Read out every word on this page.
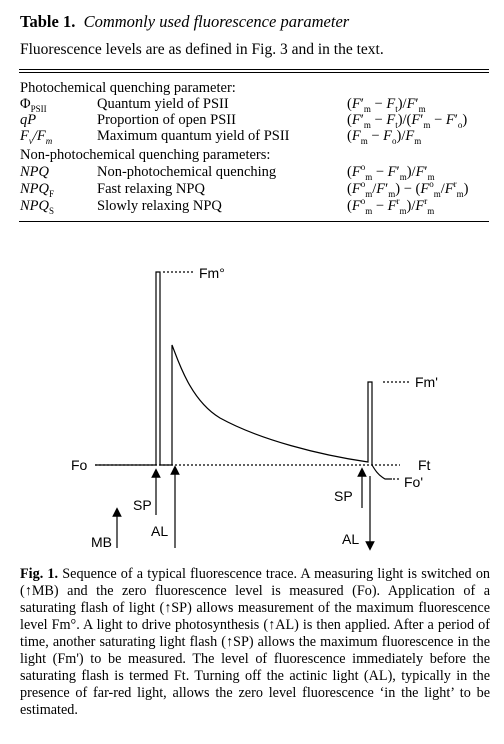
Table 1. Commonly used fluorescence parameter
Fluorescence levels are as defined in Fig. 3 and in the text.
Photochemical quenching parameter:
$\Phi_{PSII}$	Quantum yield of PSII	$(F'_m - F_t)/F'_m$
qP	Proportion of open PSII	$(F'_m - F_t)/(F'_m - F'_o)$
$F_v/F_m$	Maximum quantum yield of PSII	$(F_m - F_o)/F_m$
Non-photochemical quenching parameters:
NPQ	Non-photochemical quenching	$(F^o_m - F'_m)/F'_m$
$NPQ_F$	Fast relaxing NPQ	$(F^o_m/F'_m) - (F^o_m/F^r_m)$
$NPQ_S$	Slowly relaxing NPQ	$(F^o_m - F^r_m)/F^r_m$
Fm°
Fm'
Fo	Ft
Fo'
MB
SP
AL
SP
AL
Fig. 1. Sequence of a typical fluorescence trace. A measuring light is switched on (↑MB) and the zero fluorescence level is measured (Fo). Application of a saturating flash of light (↑SP) allows measurement of the maximum fluorescence level Fm°. A light to drive photosynthesis (↑AL) is then applied. After a period of time, another saturating light flash (↑SP) allows the maximum fluorescence in the light (Fm') to be measured. The level of fluorescence immediately before the saturating flash is termed Ft. Turning off the actinic light (AL), typically in the presence of far-red light, allows the zero level fluorescence ‘in the light’ to be estimated.
